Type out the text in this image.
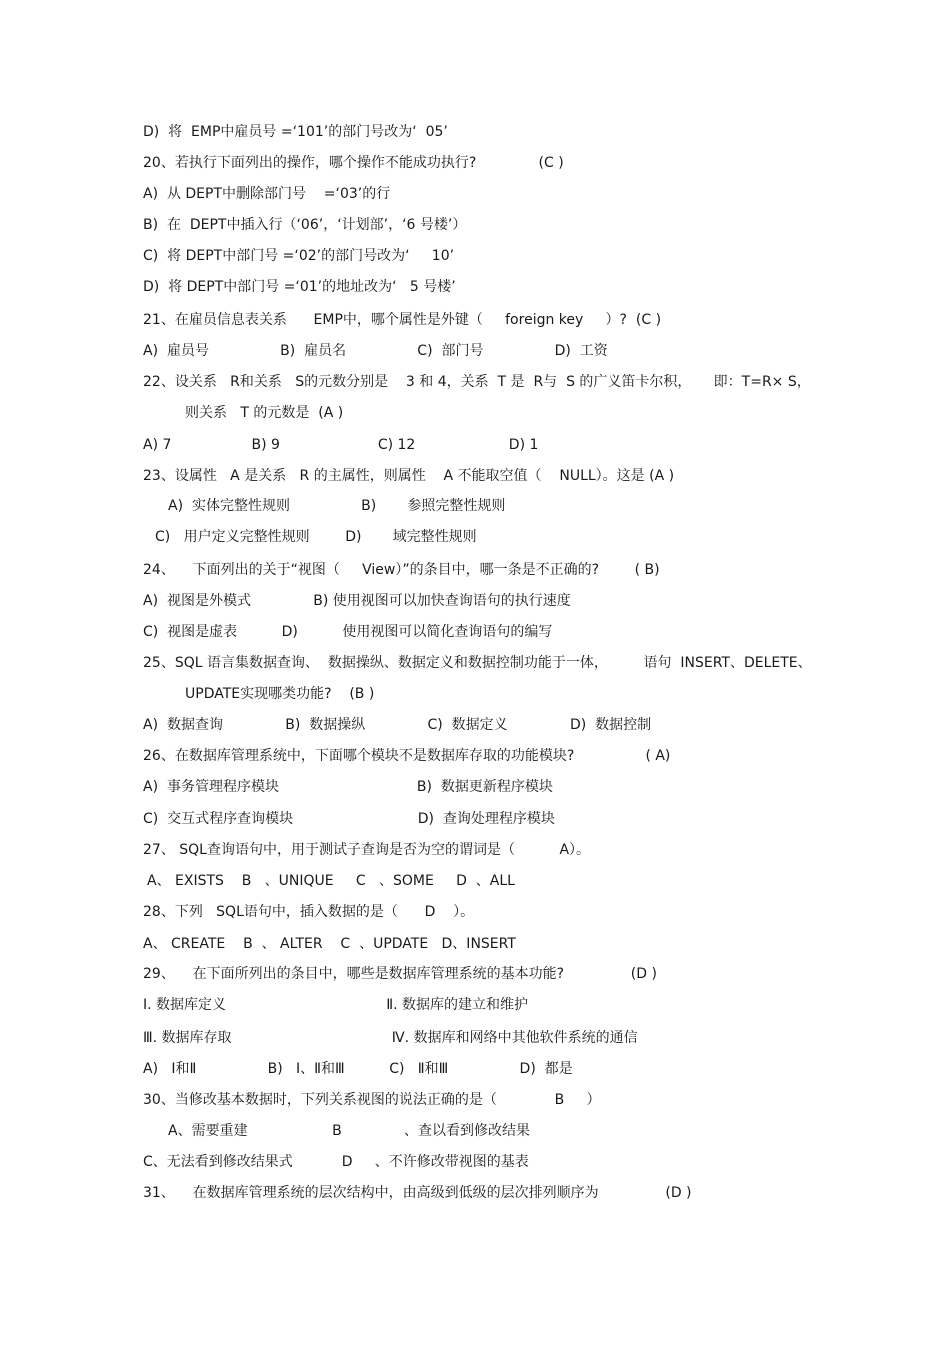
D)  将  EMP中雇员号 =‘101’的部门号改为‘  05’
20、若执行下面列出的操作，哪个操作不能成功执行?              (C )
A)  从 DEPT中删除部门号    =‘03’的行
B)  在  DEPT中插入行（‘06’，‘计划部’，‘6 号楼’）
C)  将 DEPT中部门号 =‘02’的部门号改为‘     10’
D)  将 DEPT中部门号 =‘01’的地址改为‘   5 号楼’
21、在雇员信息表关系      EMP中，哪个属性是外键（     foreign key     ）?  (C )
A)  雇员号                B)  雇员名                C)  部门号                D)  工资
22、设关系   R和关系   S的元数分别是    3 和 4，关系  T 是  R与  S 的广义笛卡尔积，     即：T=R× S，
则关系   T 的元数是  (A )
A) 7                  B) 9                      C) 12                     D) 1
23、设属性   A 是关系   R 的主属性，则属性    A 不能取空值（    NULL）。这是 (A )
A)  实体完整性规则                B)       参照完整性规则
C)   用户定义完整性规则        D)       域完整性规则
24、    下面列出的关于“视图（     View）”的条目中，哪一条是不正确的?        ( B)
A)  视图是外模式              B) 使用视图可以加快查询语句的执行速度
C)  视图是虚表          D)          使用视图可以简化查询语句的编写
25、SQL 语言集数据查询、  数据操纵、数据定义和数据控制功能于一体，        语句  INSERT、DELETE、
UPDATE实现哪类功能?    (B )
A)  数据查询              B)  数据操纵              C)  数据定义              D)  数据控制
26、在数据库管理系统中，下面哪个模块不是数据库存取的功能模块?                ( A)
A)  事务管理程序模块                               B)  数据更新程序模块
C)  交互式程序查询模块                            D)  查询处理程序模块
27、 SQL查询语句中，用于测试子查询是否为空的谓词是（          A）。
A、 EXISTS    B   、UNIQUE     C   、SOME     D  、ALL
28、下列   SQL语句中，插入数据的是（      D    ）。
A、 CREATE    B  、 ALTER    C  、UPDATE   D、INSERT
29、    在下面所列出的条目中，哪些是数据库管理系统的基本功能?               (D )
Ⅰ. 数据库定义                                    Ⅱ. 数据库的建立和维护
Ⅲ. 数据库存取                                    Ⅳ. 数据库和网络中其他软件系统的通信
A)   Ⅰ和Ⅱ                B)   Ⅰ、Ⅱ和Ⅲ          C)   Ⅱ和Ⅲ                D)  都是
30、当修改基本数据时，下列关系视图的说法正确的是（             B     ）
A、需要重建                   B              、查以看到修改结果
C、无法看到修改结果式           D     、不许修改带视图的基表
31、    在数据库管理系统的层次结构中，由高级到低级的层次排列顺序为               (D )
